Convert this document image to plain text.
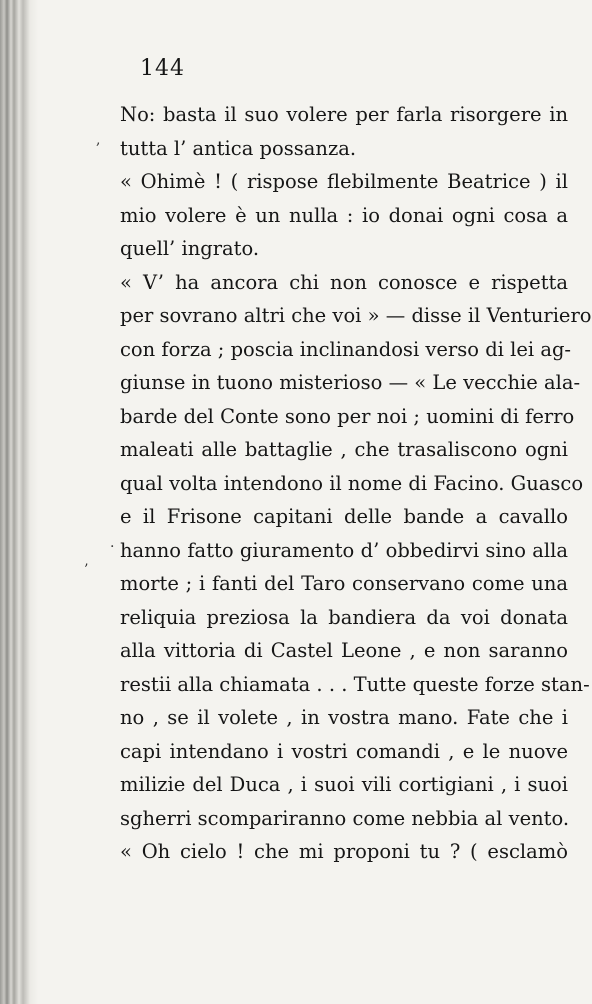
144
No: basta il suo volere per farla risorgere in
tutta l’ antica possanza.
« Ohimè ! ( rispose flebilmente Beatrice ) il
mio volere è un nulla : io donai ogni cosa a
quell’ ingrato.
« V’ ha ancora chi non conosce e rispetta
per sovrano altri che voi » — disse il Venturiero
con forza ; poscia inclinandosi verso di lei ag-
giunse in tuono misterioso — « Le vecchie ala-
barde del Conte sono per noi ; uomini di ferro
maleati alle battaglie , che trasaliscono ogni
qual volta intendono il nome di Facino. Guasco
e il Frisone capitani delle bande a cavallo
hanno fatto giuramento d’ obbedirvi sino alla
morte ; i fanti del Taro conservano come una
reliquia preziosa la bandiera da voi donata
alla vittoria di Castel Leone , e non saranno
restii alla chiamata . . . Tutte queste forze stan-
no , se il volete , in vostra mano. Fate che i
capi intendano i vostri comandi , e le nuove
milizie del Duca , i suoi vili cortigiani , i suoi
sgherri scompariranno come nebbia al vento.
« Oh cielo ! che mi proponi tu ? ( esclamò
,
.
’
